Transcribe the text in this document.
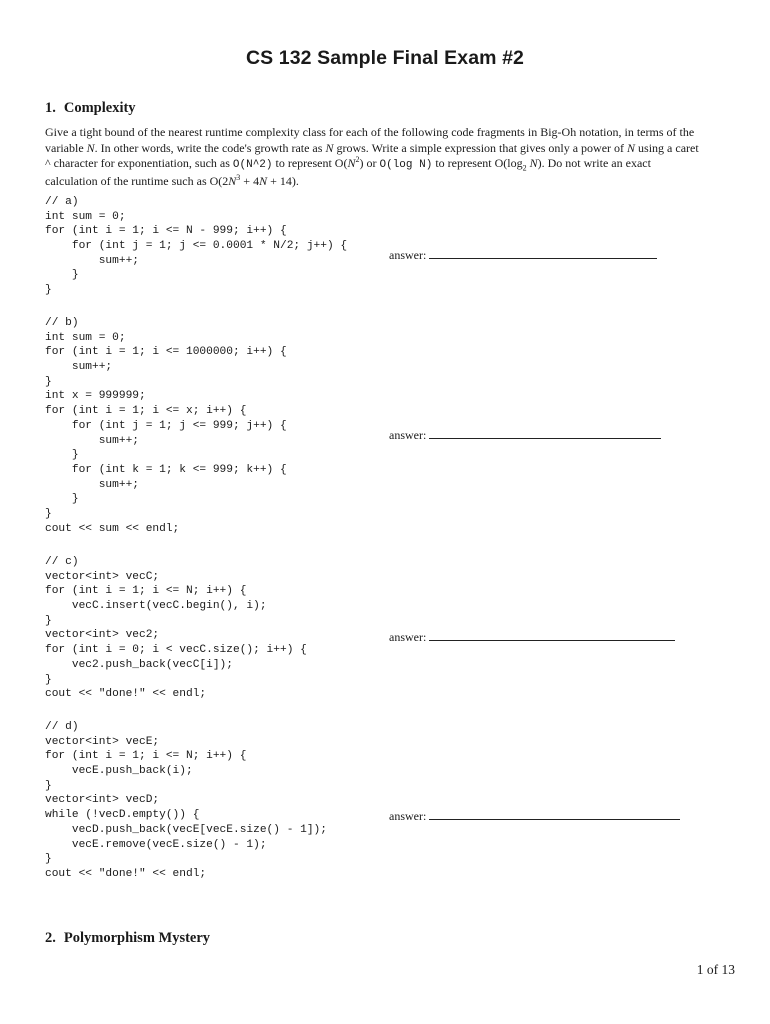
CS 132 Sample Final Exam #2
1. Complexity
Give a tight bound of the nearest runtime complexity class for each of the following code fragments in Big-Oh notation, in terms of the
variable N. In other words, write the code's growth rate as N grows. Write a simple expression that gives only a power of N using a caret
^ character for exponentiation, such as O(N^2) to represent $O(N^2)$ or O(log N) to represent $O(\log_2$ N). Do not write an exact
calculation of the runtime such as $O(2N^3 + 4N + 14)$.
// a)
int sum = 0;
for (int i = 1; i <= N - 999; i++) {
for (int j = 1; j <= 0.0001 * N/2; j++) {
sum++;
}
}
answer:
// b)
int sum = 0;
for (int i = 1; i <= 1000000; i++) {
sum++;
}
int x = 999999;
for (int i = 1; i <= x; i++) {
for (int j = 1; j <= 999; j++) {
sum++;
}
for (int k = 1; k <= 999; k++) {
sum++;
}
}
cout << sum << endl;
answer:
// c)
vector<int> vecC;
for (int i = 1; i <= N; i++) {
vecC.insert(vecC.begin(), i);
}
vector<int> vec2;
for (int i = 0; i < vecC.size(); i++) {
vec2.push_back(vecC[i]);
}
cout << "done!" << endl;
answer:
// d)
vector<int> vecE;
for (int i = 1; i <= N; i++) {
vecE.push_back(i);
}
vector<int> vecD;
while (!vecD.empty()) {
vecD.push_back(vecE[vecE.size() - 1]);
vecE.remove(vecE.size() - 1);
}
cout << "done!" << endl;
answer:
2. Polymorphism Mystery
1 of 13
